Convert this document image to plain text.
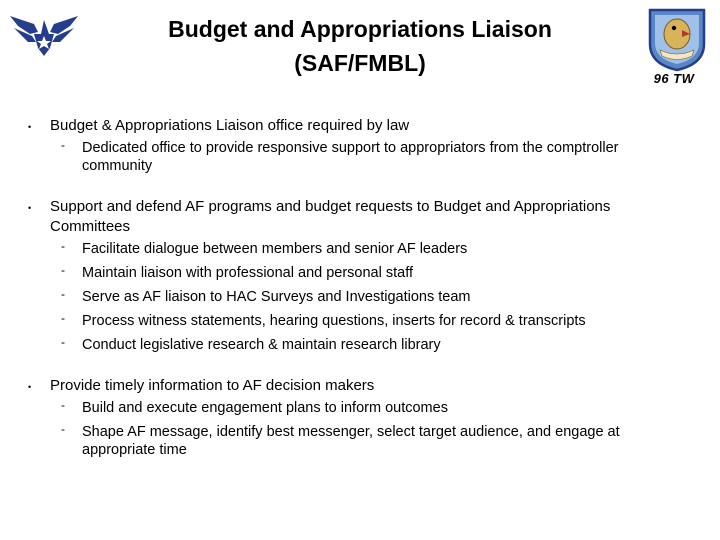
Budget and Appropriations Liaison
(SAF/FMBL)
96 TW
• Budget & Appropriations Liaison office required by law
‐ Dedicated office to provide responsive support to appropriators from the comptroller community
• Support and defend AF programs and budget requests to Budget and Appropriations Committees
‐ Facilitate dialogue between members and senior AF leaders
‐ Maintain liaison with professional and personal staff
‐ Serve as AF liaison to HAC Surveys and Investigations team
‐ Process witness statements, hearing questions, inserts for record & transcripts
‐ Conduct legislative research & maintain research library
• Provide timely information to AF decision makers
‐ Build and execute engagement plans to inform outcomes
‐ Shape AF message, identify best messenger, select target audience, and engage at appropriate time
